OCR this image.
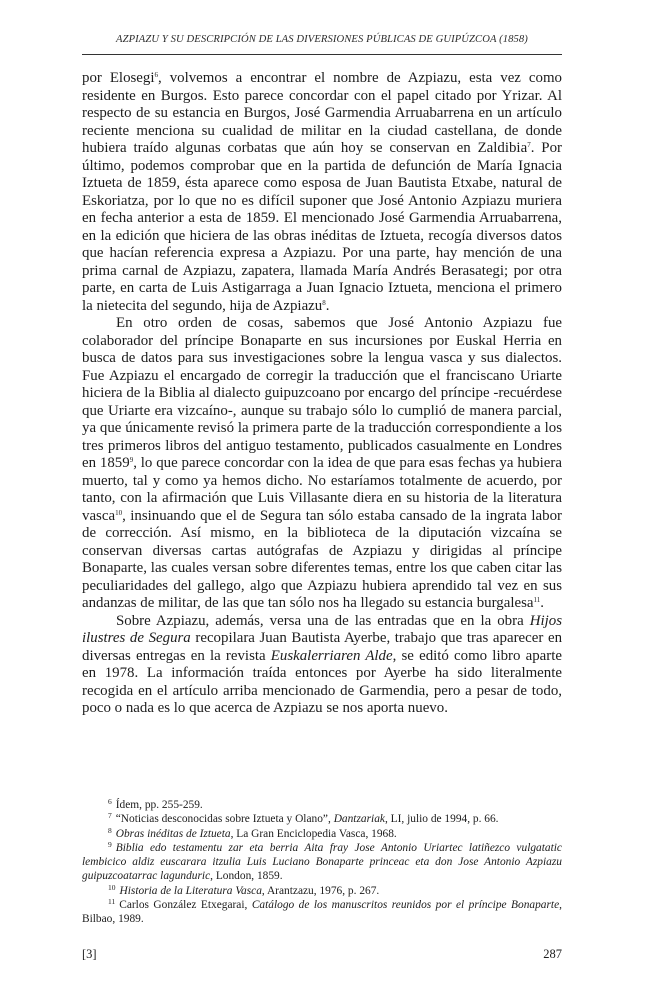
AZPIAZU Y SU DESCRIPCIÓN DE LAS DIVERSIONES PÚBLICAS DE GUIPÚZCOA (1858)

por Elosegi$^6$, volvemos a encontrar el nombre de Azpiazu, esta vez como residente en Burgos. Esto parece concordar con el papel citado por Yrizar. Al respecto de su estancia en Burgos, José Garmendia Arruabarrena en un artículo reciente menciona su cualidad de militar en la ciudad castellana, de donde hubiera traído algunas corbatas que aún hoy se conservan en Zaldibia$^7$. Por último, podemos comprobar que en la partida de defunción de María Ignacia Iztueta de 1859, ésta aparece como esposa de Juan Bautista Etxabe, natural de Eskoriatza, por lo que no es difícil suponer que José Antonio Azpiazu muriera en fecha anterior a esta de 1859. El mencionado José Garmendia Arruabarrena, en la edición que hiciera de las obras inéditas de Iztueta, recogía diversos datos que hacían referencia expresa a Azpiazu. Por una parte, hay mención de una prima carnal de Azpiazu, zapatera, llamada María Andrés Berasategi; por otra parte, en carta de Luis Astigarraga a Juan Ignacio Iztueta, menciona el primero la nietecita del segundo, hija de Azpiazu$^8$.

En otro orden de cosas, sabemos que José Antonio Azpiazu fue colaborador del príncipe Bonaparte en sus incursiones por Euskal Herria en busca de datos para sus investigaciones sobre la lengua vasca y sus dialectos. Fue Azpiazu el encargado de corregir la traducción que el franciscano Uriarte hiciera de la Biblia al dialecto guipuzcoano por encargo del príncipe -recuérdese que Uriarte era vizcaíno-, aunque su trabajo sólo lo cumplió de manera parcial, ya que únicamente revisó la primera parte de la traducción correspondiente a los tres primeros libros del antiguo testamento, publicados casualmente en Londres en 1859$^9$, lo que parece concordar con la idea de que para esas fechas ya hubiera muerto, tal y como ya hemos dicho. No estaríamos totalmente de acuerdo, por tanto, con la afirmación que Luis Villasante diera en su historia de la literatura vasca$^{10}$, insinuando que el de Segura tan sólo estaba cansado de la ingrata labor de corrección. Así mismo, en la biblioteca de la diputación vizcaína se conservan diversas cartas autógrafas de Azpiazu y dirigidas al príncipe Bonaparte, las cuales versan sobre diferentes temas, entre los que caben citar las peculiaridades del gallego, algo que Azpiazu hubiera aprendido tal vez en sus andanzas de militar, de las que tan sólo nos ha llegado su estancia burgalesa$^{11}$.

Sobre Azpiazu, además, versa una de las entradas que en la obra Hijos ilustres de Segura recopilara Juan Bautista Ayerbe, trabajo que tras aparecer en diversas entregas en la revista Euskalerriaren Alde, se editó como libro aparte en 1978. La información traída entonces por Ayerbe ha sido literalmente recogida en el artículo arriba mencionado de Garmendia, pero a pesar de todo, poco o nada es lo que acerca de Azpiazu se nos aporta nuevo.

$^6$ Ídem, pp. 255-259.

$^7$ “Noticias desconocidas sobre Iztueta y Olano”, Dantzariak, LI, julio de 1994, p. 66.

$^8$ Obras inéditas de Iztueta, La Gran Enciclopedia Vasca, 1968.

$^9$ Biblia edo testamentu zar eta berria Aita fray Jose Antonio Uriartec latiñezco vulgatatic lembicico aldiz euscarara itzulia Luis Luciano Bonaparte princeac eta don Jose Antonio Azpiazu guipuzcoatarrac lagunduric, London, 1859.

$^{10}$ Historia de la Literatura Vasca, Arantzazu, 1976, p. 267.

$^{11}$ Carlos González Etxegarai, Catálogo de los manuscritos reunidos por el príncipe Bonaparte, Bilbao, 1989.

[3]	287
